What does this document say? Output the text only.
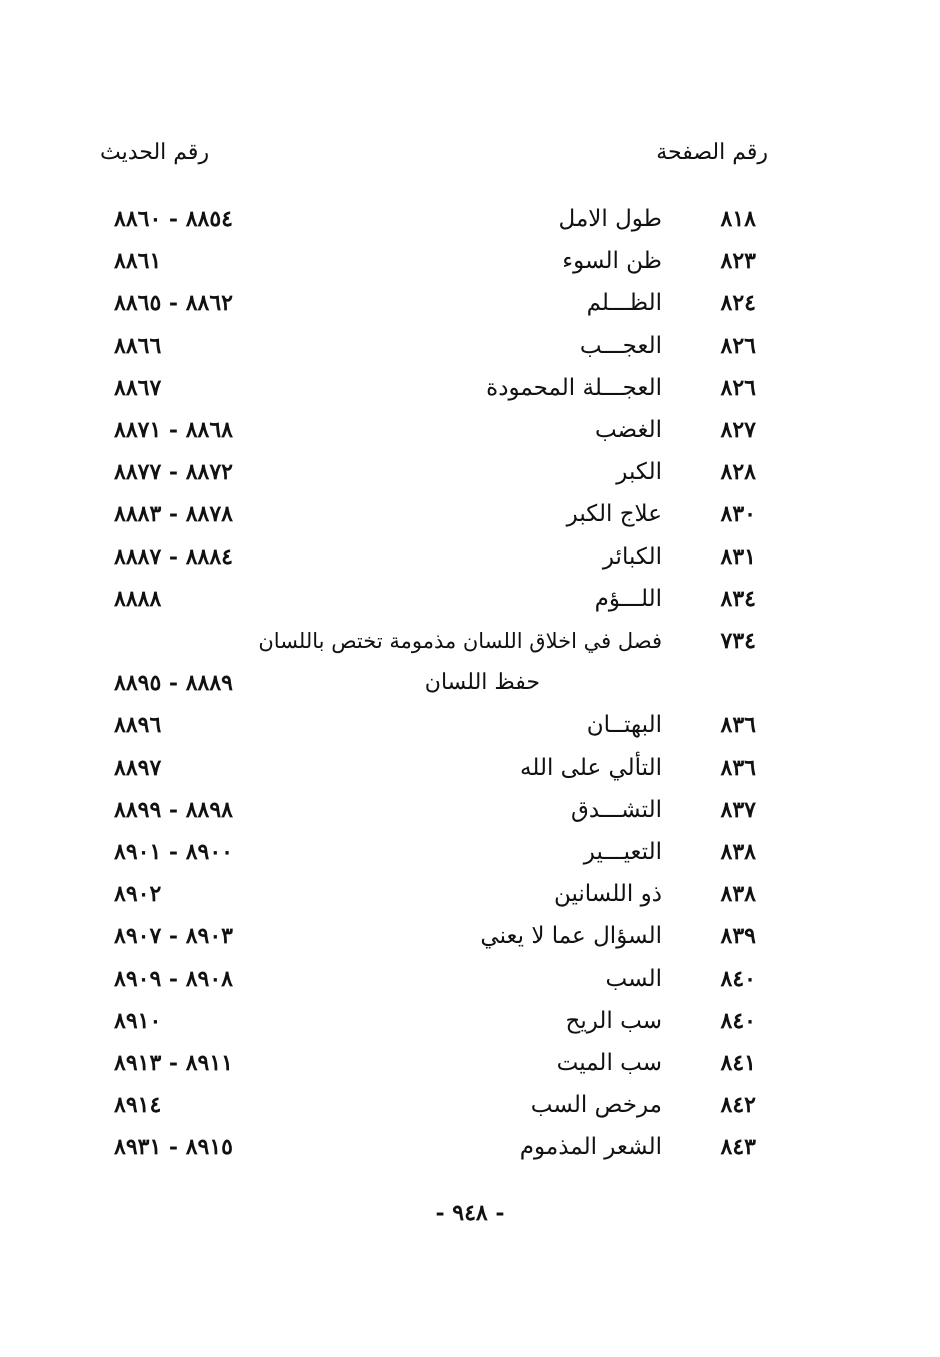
رقم الصفحة
رقم الحديث
٨١٨
طول الامل
٨٨٥٤ - ٨٨٦٠
٨٢٣
ظن السوء
٨٨٦١
٨٢٤
الظـــلم
٨٨٦٢ - ٨٨٦٥
٨٢٦
العجـــب
٨٨٦٦
٨٢٦
العجـــلة المحمودة
٨٨٦٧
٨٢٧
الغضب
٨٨٦٨ - ٨٨٧١
٨٢٨
الكبر
٨٨٧٢ - ٨٨٧٧
٨٣٠
علاج الكبر
٨٨٧٨ - ٨٨٨٣
٨٣١
الكبائر
٨٨٨٤ - ٨٨٨٧
٨٣٤
اللـــؤم
٨٨٨٨
٧٣٤
فصل في اخلاق اللسان مذمومة تختص باللسان
حفظ اللسان
٨٨٨٩ - ٨٨٩٥
٨٣٦
البهتــان
٨٨٩٦
٨٣٦
التألي على الله
٨٨٩٧
٨٣٧
التشـــدق
٨٨٩٨ - ٨٨٩٩
٨٣٨
التعيـــير
٨٩٠٠ - ٨٩٠١
٨٣٨
ذو اللسانين
٨٩٠٢
٨٣٩
السؤال عما لا يعني
٨٩٠٣ - ٨٩٠٧
٨٤٠
السب
٨٩٠٨ - ٨٩٠٩
٨٤٠
سب الريح
٨٩١٠
٨٤١
سب الميت
٨٩١١ - ٨٩١٣
٨٤٢
مرخص السب
٨٩١٤
٨٤٣
الشعر المذموم
٨٩١٥ - ٨٩٣١
- ٩٤٨ -
